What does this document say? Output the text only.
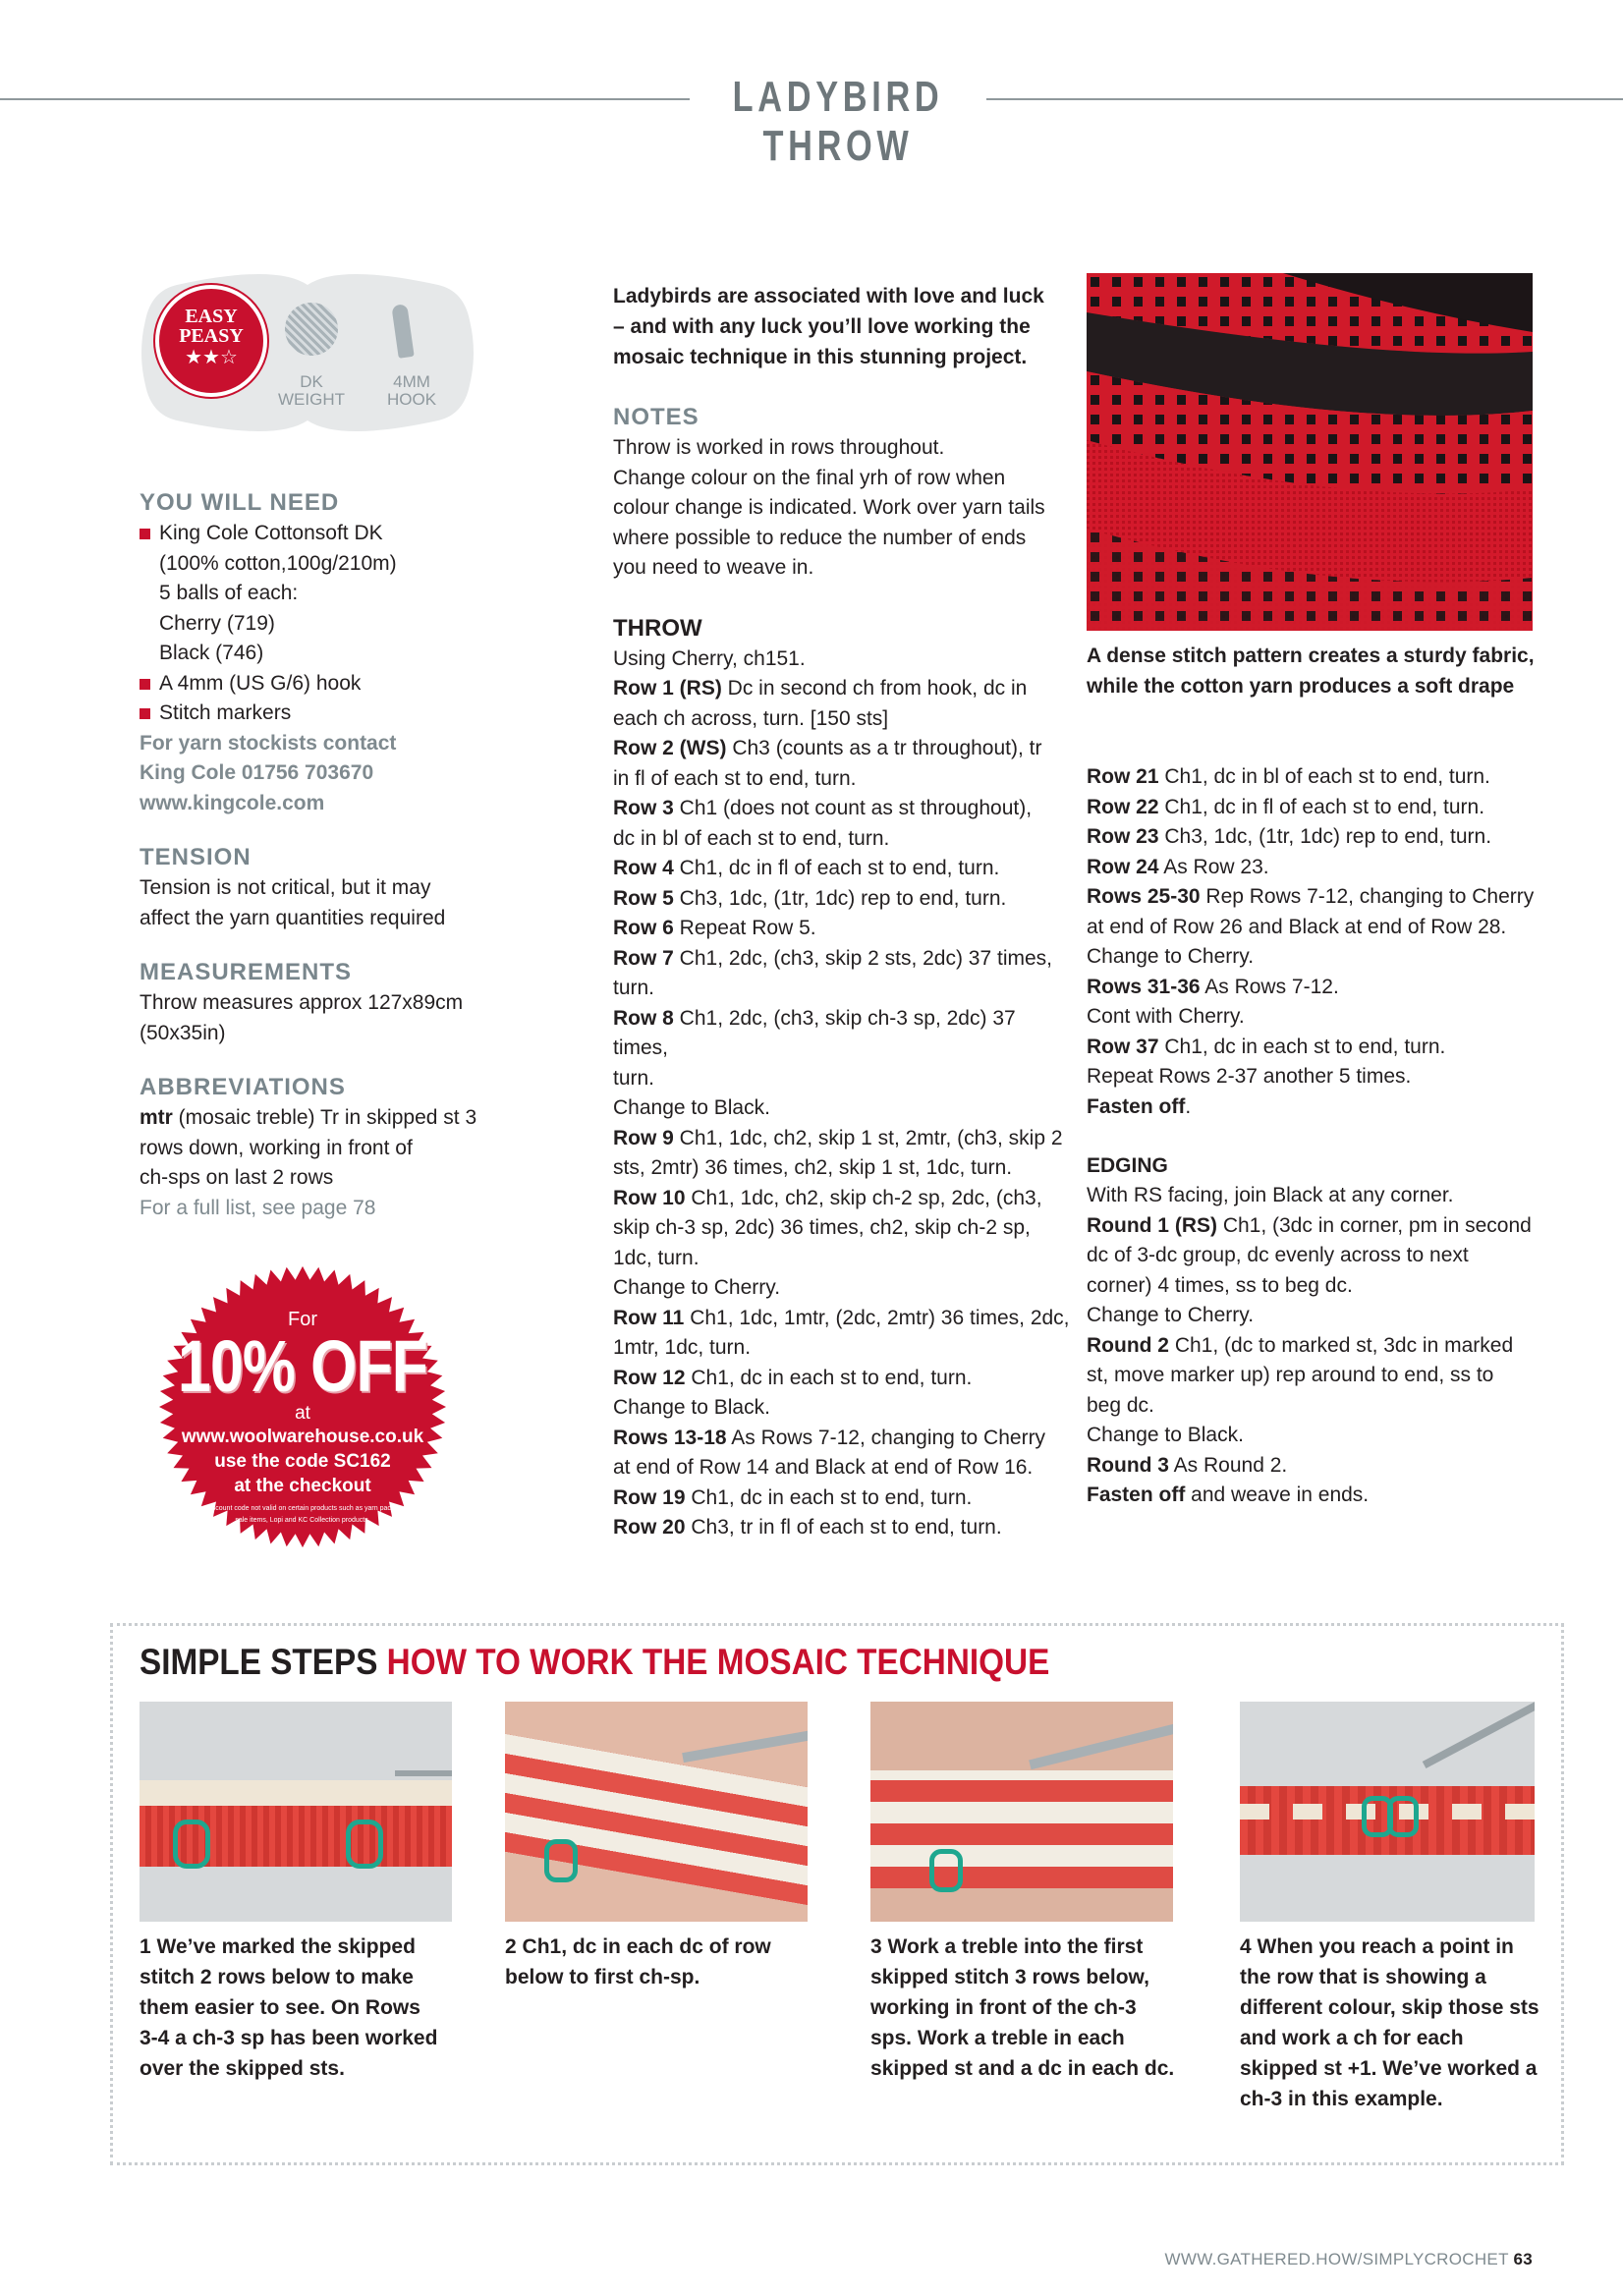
LADYBIRD THROW
EASY
PEASY
★★☆
DK
WEIGHT
4MM
HOOK
YOU WILL NEED
King Cole Cottonsoft DK
(100% cotton,100g/210m)
5 balls of each:
Cherry (719)
Black (746)
A 4mm (US G/6) hook
Stitch markers
For yarn stockists contact
King Cole 01756 703670
www.kingcole.com
TENSION
Tension is not critical, but it may
affect the yarn quantities required
MEASUREMENTS
Throw measures approx 127x89cm
(50x35in)
ABBREVIATIONS
mtr (mosaic treble) Tr in skipped st 3
rows down, working in front of
ch-sps on last 2 rows
For a full list, see page 78
For
10% OFF
at
www.woolwarehouse.co.uk
use the code SC162
at the checkout
Discount code not valid on certain products such as yarn packs,
sale items, Lopi and KC Collection products.
Ladybirds are associated with love and luck
– and with any luck you’ll love working the
mosaic technique in this stunning project.
NOTES
Throw is worked in rows throughout.
Change colour on the final yrh of row when
colour change is indicated. Work over yarn tails
where possible to reduce the number of ends
you need to weave in.
THROW
Using Cherry, ch151.
Row 1 (RS) Dc in second ch from hook, dc in
each ch across, turn. [150 sts]
Row 2 (WS) Ch3 (counts as a tr throughout), tr
in fl of each st to end, turn.
Row 3 Ch1 (does not count as st throughout),
dc in bl of each st to end, turn.
Row 4 Ch1, dc in fl of each st to end, turn.
Row 5 Ch3, 1dc, (1tr, 1dc) rep to end, turn.
Row 6 Repeat Row 5.
Row 7 Ch1, 2dc, (ch3, skip 2 sts, 2dc) 37 times,
turn.
Row 8 Ch1, 2dc, (ch3, skip ch-3 sp, 2dc) 37 times,
turn.
Change to Black.
Row 9 Ch1, 1dc, ch2, skip 1 st, 2mtr, (ch3, skip 2
sts, 2mtr) 36 times, ch2, skip 1 st, 1dc, turn.
Row 10 Ch1, 1dc, ch2, skip ch-2 sp, 2dc, (ch3,
skip ch-3 sp, 2dc) 36 times, ch2, skip ch-2 sp,
1dc, turn.
Change to Cherry.
Row 11 Ch1, 1dc, 1mtr, (2dc, 2mtr) 36 times, 2dc,
1mtr, 1dc, turn.
Row 12 Ch1, dc in each st to end, turn.
Change to Black.
Rows 13-18 As Rows 7-12, changing to Cherry
at end of Row 14 and Black at end of Row 16.
Row 19 Ch1, dc in each st to end, turn.
Row 20 Ch3, tr in fl of each st to end, turn.
A dense stitch pattern creates a sturdy fabric,
while the cotton yarn produces a soft drape
Row 21 Ch1, dc in bl of each st to end, turn.
Row 22 Ch1, dc in fl of each st to end, turn.
Row 23 Ch3, 1dc, (1tr, 1dc) rep to end, turn.
Row 24 As Row 23.
Rows 25-30 Rep Rows 7-12, changing to Cherry
at end of Row 26 and Black at end of Row 28.
Change to Cherry.
Rows 31-36 As Rows 7-12.
Cont with Cherry.
Row 37 Ch1, dc in each st to end, turn.
Repeat Rows 2-37 another 5 times.
Fasten off.
EDGING
With RS facing, join Black at any corner.
Round 1 (RS) Ch1, (3dc in corner, pm in second
dc of 3-dc group, dc evenly across to next
corner) 4 times, ss to beg dc.
Change to Cherry.
Round 2 Ch1, (dc to marked st, 3dc in marked
st, move marker up) rep around to end, ss to
beg dc.
Change to Black.
Round 3 As Round 2.
Fasten off and weave in ends.
SIMPLE STEPS HOW TO WORK THE MOSAIC TECHNIQUE
1 We’ve marked the skipped
stitch 2 rows below to make
them easier to see. On Rows
3-4 a ch-3 sp has been worked
over the skipped sts.
2 Ch1, dc in each dc of row
below to first ch-sp.
3 Work a treble into the first
skipped stitch 3 rows below,
working in front of the ch-3
sps. Work a treble in each
skipped st and a dc in each dc.
4 When you reach a point in
the row that is showing a
different colour, skip those sts
and work a ch for each
skipped st +1. We’ve worked a
ch-3 in this example.
WWW.GATHERED.HOW/SIMPLYCROCHET 63
